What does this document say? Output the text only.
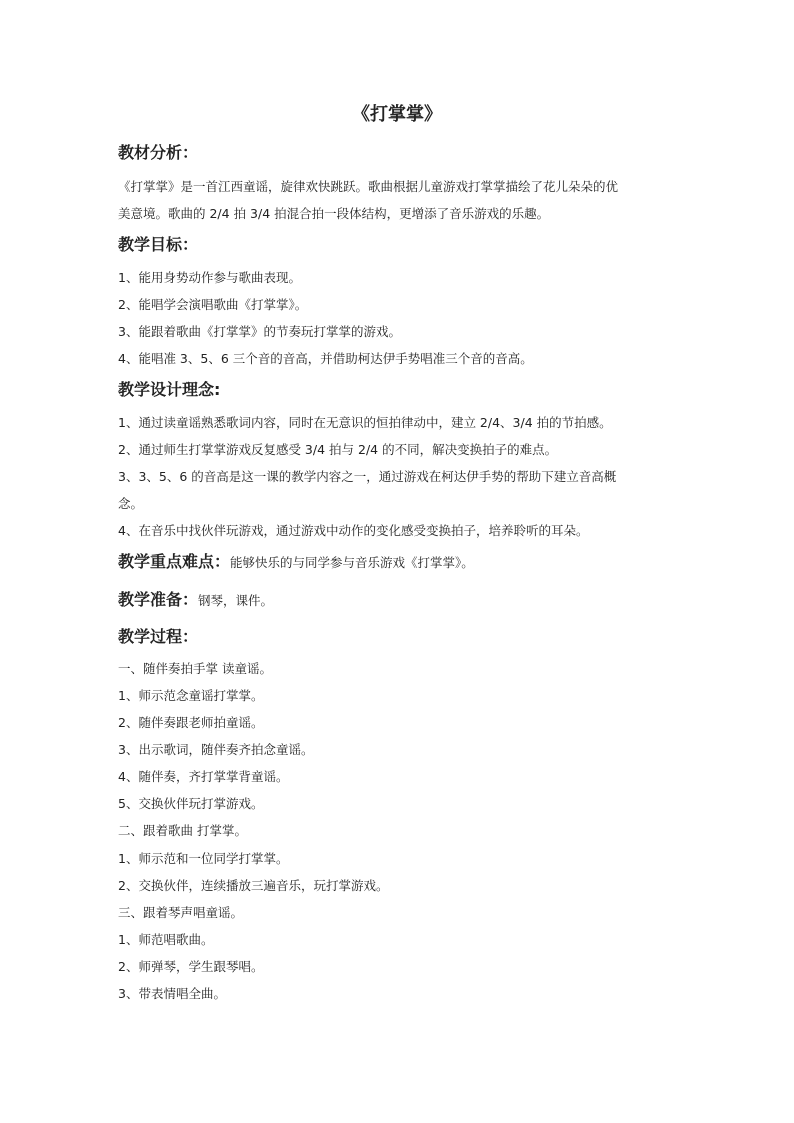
《打掌掌》
教材分析：
《打掌掌》是一首江西童谣，旋律欢快跳跃。歌曲根据儿童游戏打掌掌描绘了花儿朵朵的优
美意境。歌曲的 2/4 拍 3/4 拍混合拍一段体结构，更增添了音乐游戏的乐趣。
教学目标：
1、能用身势动作参与歌曲表现。
2、能唱学会演唱歌曲《打掌掌》。
3、能跟着歌曲《打掌掌》的节奏玩打掌掌的游戏。
4、能唱准 3、5、6 三个音的音高，并借助柯达伊手势唱准三个音的音高。
教学设计理念:
1、通过读童谣熟悉歌词内容，同时在无意识的恒拍律动中，建立 2/4、3/4 拍的节拍感。
2、通过师生打掌掌游戏反复感受 3/4 拍与 2/4 的不同，解决变换拍子的难点。
3、3、5、6 的音高是这一课的教学内容之一，通过游戏在柯达伊手势的帮助下建立音高概
念。
4、在音乐中找伙伴玩游戏，通过游戏中动作的变化感受变换拍子，培养聆听的耳朵。
教学重点难点：能够快乐的与同学参与音乐游戏《打掌掌》。
教学准备：钢琴，课件。
教学过程：
一、随伴奏拍手掌 读童谣。
1、师示范念童谣打掌掌。
2、随伴奏跟老师拍童谣。
3、出示歌词，随伴奏齐拍念童谣。
4、随伴奏，齐打掌掌背童谣。
5、交换伙伴玩打掌游戏。
二、跟着歌曲 打掌掌。
1、师示范和一位同学打掌掌。
2、交换伙伴，连续播放三遍音乐，玩打掌游戏。
三、跟着琴声唱童谣。
1、师范唱歌曲。
2、师弹琴，学生跟琴唱。
3、带表情唱全曲。
